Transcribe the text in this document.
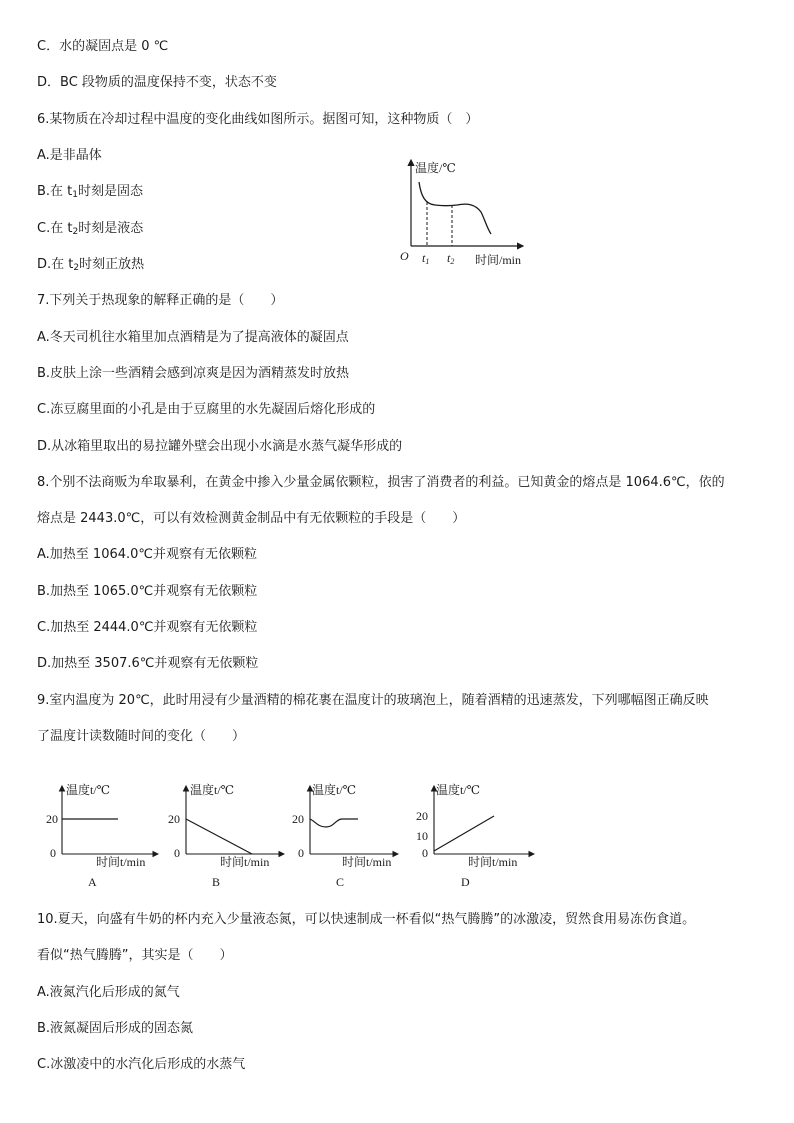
C．水的凝固点是 0 ℃
D．BC 段物质的温度保持不变，状态不变
6.某物质在冷却过程中温度的变化曲线如图所示。据图可知，这种物质（　）
A.是非晶体
B.在 $t_1$时刻是固态
C.在 $t_2$时刻是液态
D.在 $t_2$时刻正放热
温度/℃
O t1 t2 时间/min
7.下列关于热现象的解释正确的是（　　）
A.冬天司机往水箱里加点酒精是为了提高液体的凝固点
B.皮肤上涂一些酒精会感到凉爽是因为酒精蒸发时放热
C.冻豆腐里面的小孔是由于豆腐里的水先凝固后熔化形成的
D.从冰箱里取出的易拉罐外壁会出现小水滴是水蒸气凝华形成的
8.个别不法商贩为牟取暴利，在黄金中掺入少量金属依颗粒，损害了消费者的利益。已知黄金的熔点是 1064.6℃，依的
熔点是 2443.0℃，可以有效检测黄金制品中有无依颗粒的手段是（　　）
A.加热至 1064.0℃并观察有无依颗粒
B.加热至 1065.0℃并观察有无依颗粒
C.加热至 2444.0℃并观察有无依颗粒
D.加热至 3507.6℃并观察有无依颗粒
9.室内温度为 20℃，此时用浸有少量酒精的棉花裹在温度计的玻璃泡上，随着酒精的迅速蒸发，下列哪幅图正确反映
了温度计读数随时间的变化（　　）
温度t/℃
20
0
时间t/min
A
温度t/℃
20
0
时间t/min
B
温度t/℃
20
0
时间t/min
C
温度t/℃
20
10
0
时间t/min
D
10.夏天，向盛有牛奶的杯内充入少量液态氮，可以快速制成一杯看似“热气腾腾”的冰激凌，贸然食用易冻伤食道。
看似“热气腾腾”，其实是（　　）
A.液氮汽化后形成的氮气
B.液氮凝固后形成的固态氮
C.冰激凌中的水汽化后形成的水蒸气
